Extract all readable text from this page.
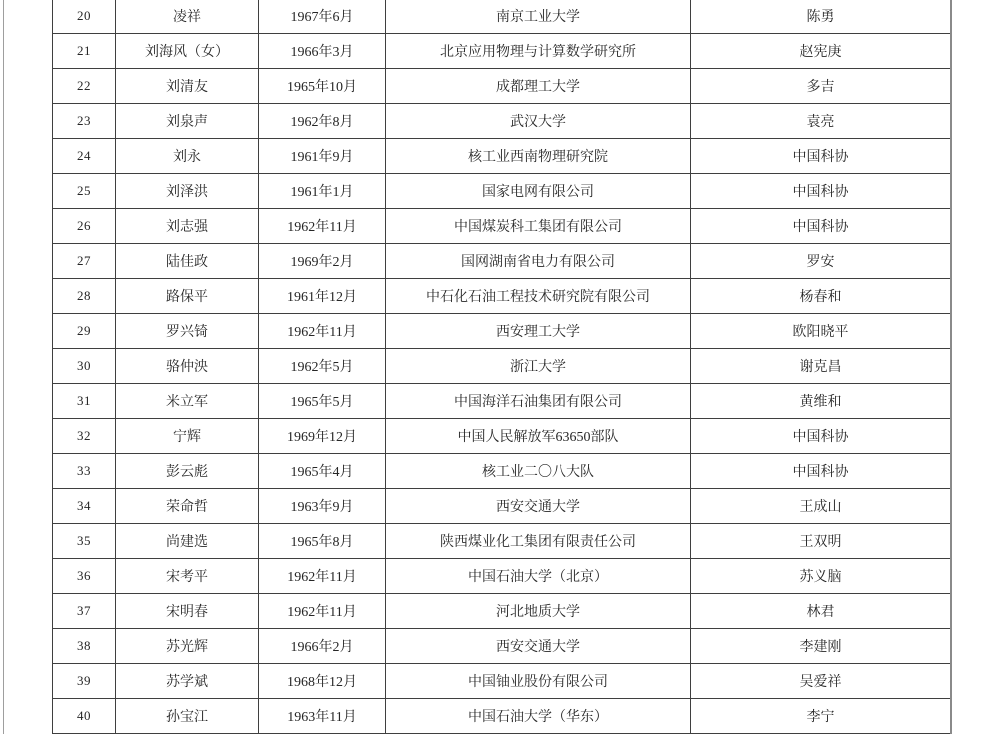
20	凌祥	1967年6月	南京工业大学	陈勇
21	刘海风（女）	1966年3月	北京应用物理与计算数学研究所	赵宪庚
22	刘清友	1965年10月	成都理工大学	多吉
23	刘泉声	1962年8月	武汉大学	袁亮
24	刘永	1961年9月	核工业西南物理研究院	中国科协
25	刘泽洪	1961年1月	国家电网有限公司	中国科协
26	刘志强	1962年11月	中国煤炭科工集团有限公司	中国科协
27	陆佳政	1969年2月	国网湖南省电力有限公司	罗安
28	路保平	1961年12月	中石化石油工程技术研究院有限公司	杨春和
29	罗兴锜	1962年11月	西安理工大学	欧阳晓平
30	骆仲泱	1962年5月	浙江大学	谢克昌
31	米立军	1965年5月	中国海洋石油集团有限公司	黄维和
32	宁辉	1969年12月	中国人民解放军63650部队	中国科协
33	彭云彪	1965年4月	核工业二〇八大队	中国科协
34	荣命哲	1963年9月	西安交通大学	王成山
35	尚建选	1965年8月	陕西煤业化工集团有限责任公司	王双明
36	宋考平	1962年11月	中国石油大学（北京）	苏义脑
37	宋明春	1962年11月	河北地质大学	林君
38	苏光辉	1966年2月	西安交通大学	李建刚
39	苏学斌	1968年12月	中国铀业股份有限公司	吴爱祥
40	孙宝江	1963年11月	中国石油大学（华东）	李宁
